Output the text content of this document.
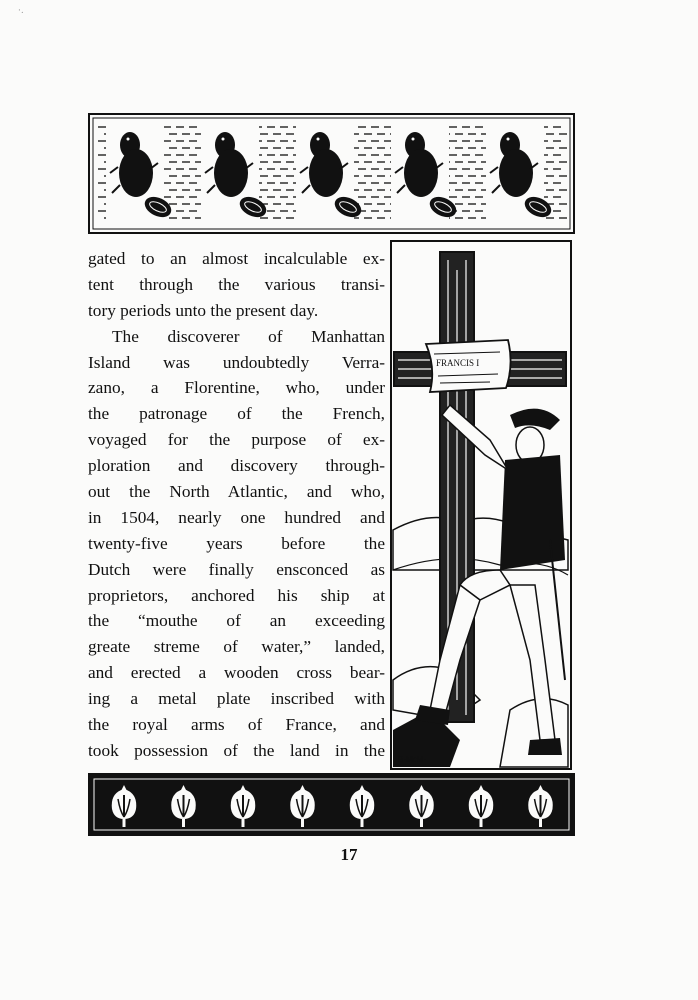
·.
gated to an almost incalculable ex-
tent through the various transi-
tory periods unto the present day.
The discoverer of Manhattan
Island was undoubtedly Verra-
zano, a Florentine, who, under
the patronage of the French,
voyaged for the purpose of ex-
ploration and discovery through-
out the North Atlantic, and who,
in 1504, nearly one hundred and
twenty-five years before the
Dutch were finally ensconced as
proprietors, anchored his ship at
the “mouthe of an exceeding
greate streme of water,” landed,
and erected a wooden cross bear-
ing a metal plate inscribed with
the royal arms of France, and
took possession of the land in the
FRANCIS I
B·McM·
17
